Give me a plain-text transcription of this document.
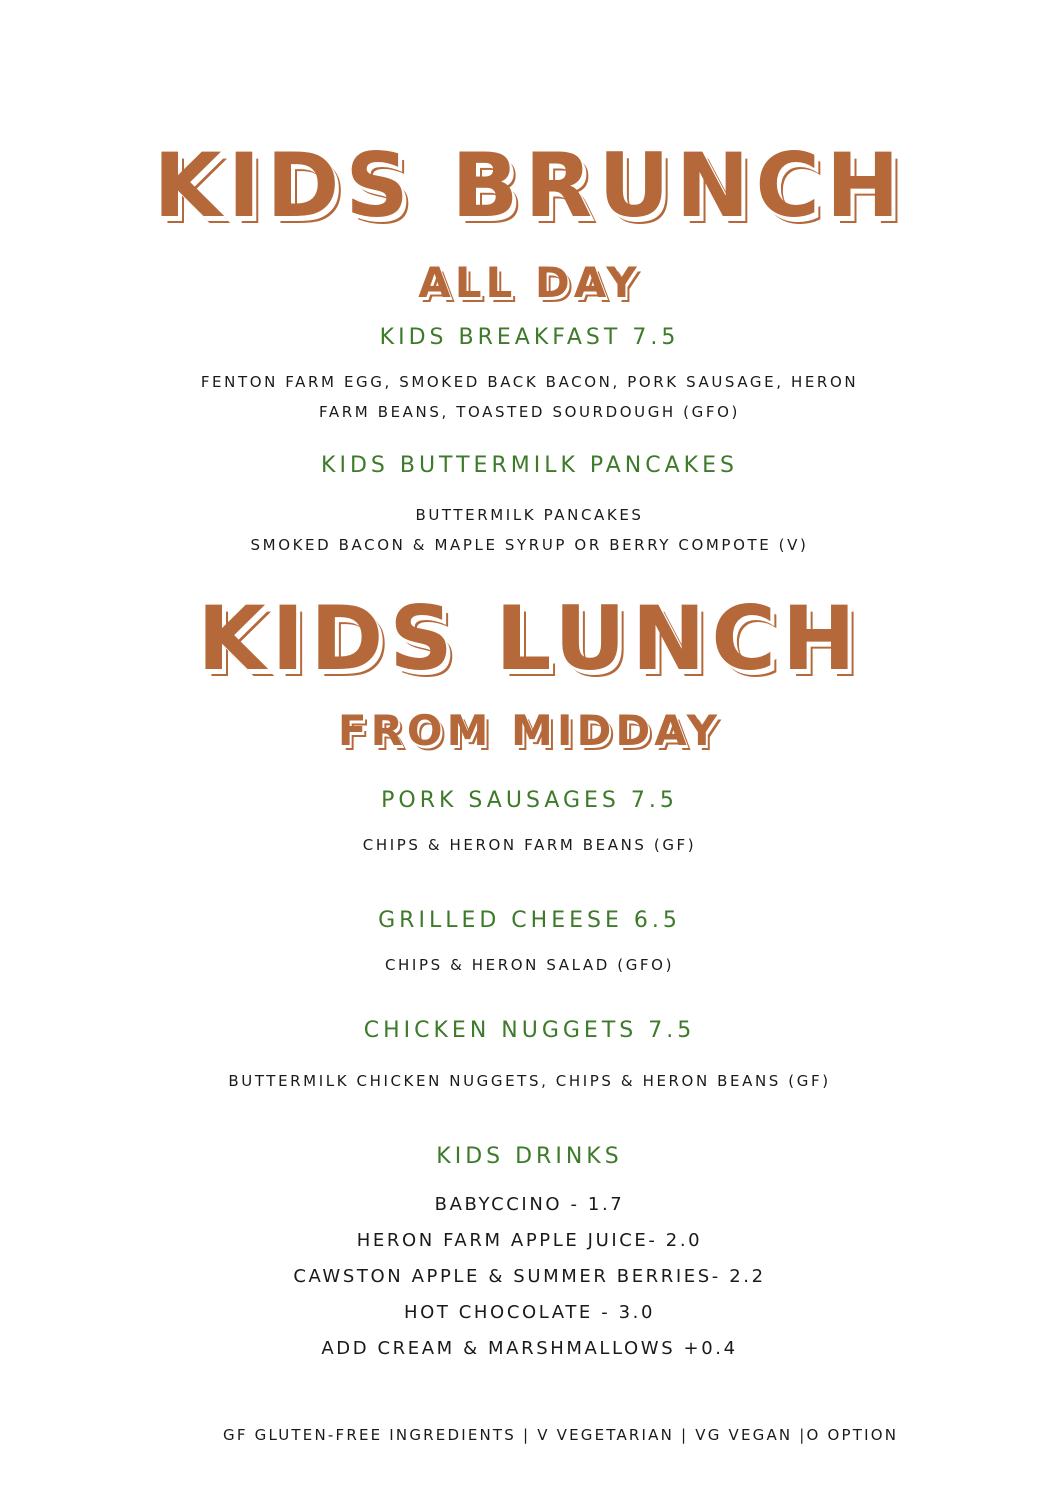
KIDS BRUNCH
ALL DAY
KIDS BREAKFAST 7.5
FENTON FARM EGG, SMOKED BACK BACON, PORK SAUSAGE, HERON
FARM BEANS, TOASTED SOURDOUGH (GFO)
KIDS BUTTERMILK PANCAKES
BUTTERMILK PANCAKES
SMOKED BACON & MAPLE SYRUP OR BERRY COMPOTE (V)
KIDS LUNCH
FROM MIDDAY
PORK SAUSAGES 7.5
CHIPS & HERON FARM BEANS (GF)
GRILLED CHEESE 6.5
CHIPS & HERON SALAD (GFO)
CHICKEN NUGGETS 7.5
BUTTERMILK CHICKEN NUGGETS, CHIPS & HERON BEANS (GF)
KIDS DRINKS
BABYCCINO - 1.7
HERON FARM APPLE JUICE- 2.0
CAWSTON APPLE & SUMMER BERRIES- 2.2
HOT CHOCOLATE - 3.0
ADD CREAM & MARSHMALLOWS +0.4
GF GLUTEN-FREE INGREDIENTS | V VEGETARIAN | VG VEGAN |O OPTION
